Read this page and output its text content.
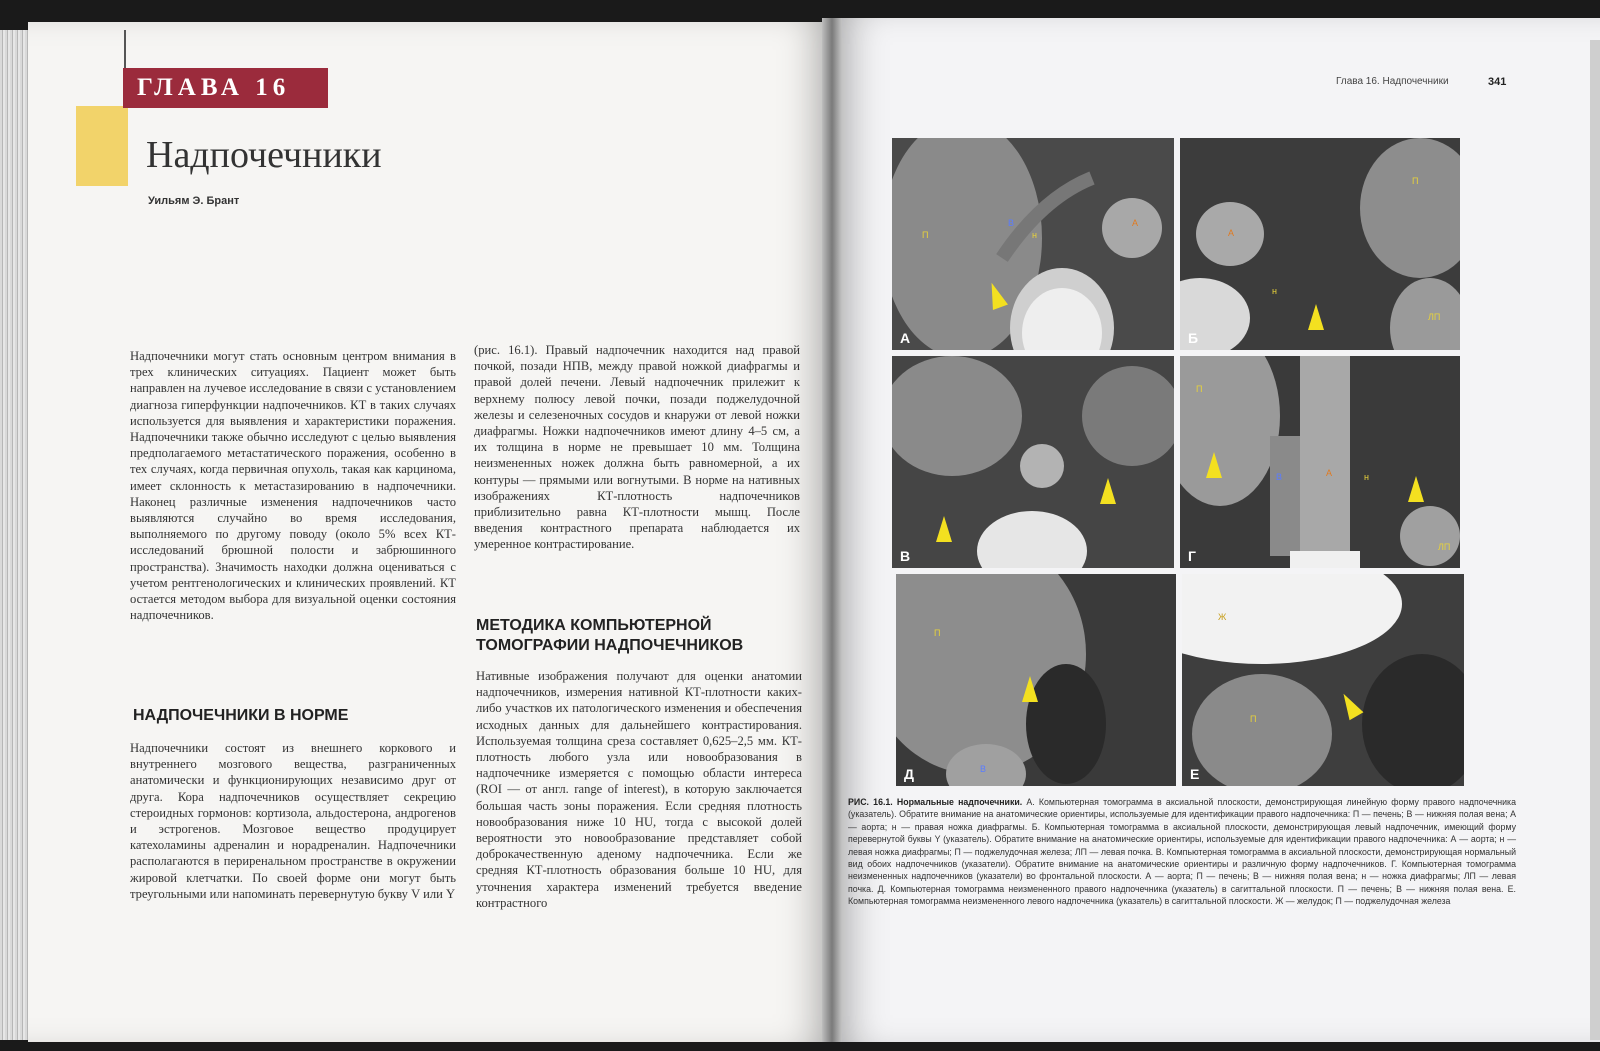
ГЛАВА 16
Надпочечники
Уильям Э. Брант

Надпочечники могут стать основным центром внимания в трех клинических ситуациях. Пациент может быть направлен на лучевое исследование в связи с установлением диагноза гиперфункции надпочечников. КТ в таких случаях используется для выявления и характеристики поражения. Надпочечники также обычно исследуют с целью выявления предполагаемого метастатического поражения, особенно в тех случаях, когда первичная опухоль, такая как карцинома, имеет склонность к метастазированию в надпочечники. Наконец различные изменения надпочечников часто выявляются случайно во время исследования, выполняемого по другому поводу (около 5% всех КТ-исследований брюшной полости и забрюшинного пространства). Значимость находки должна оцениваться с учетом рентгенологических и клинических проявлений. КТ остается методом выбора для визуальной оценки состояния надпочечников.

НАДПОЧЕЧНИКИ В НОРМЕ

Надпочечники состоят из внешнего коркового и внутреннего мозгового вещества, разграниченных анатомически и функционирующих независимо друг от друга. Кора надпочечников осуществляет секрецию стероидных гормонов: кортизола, альдостерона, андрогенов и эстрогенов. Мозговое вещество продуцирует катехоламины адреналин и норадреналин. Надпочечники располагаются в периренальном пространстве в окружении жировой клетчатки. По своей форме они могут быть треугольными или напоминать перевернутую букву V или Y

(рис. 16.1). Правый надпочечник находится над правой почкой, позади НПВ, между правой ножкой диафрагмы и правой долей печени. Левый надпочечник прилежит к верхнему полюсу левой почки, позади поджелудочной железы и селезеночных сосудов и кнаружи от левой ножки диафрагмы. Ножки надпочечников имеют длину 4–5 см, а их толщина в норме не превышает 10 мм. Толщина неизмененных ножек должна быть равномерной, а их контуры — прямыми или вогнутыми. В норме на нативных изображениях КТ-плотность надпочечников приблизительно равна КТ-плотности мышц. После введения контрастного препарата наблюдается их умеренное контрастирование.

МЕТОДИКА КОМПЬЮТЕРНОЙ ТОМОГРАФИИ НАДПОЧЕЧНИКОВ

Нативные изображения получают для оценки анатомии надпочечников, измерения нативной КТ-плотности каких-либо участков их патологического изменения и обеспечения исходных данных для дальнейшего контрастирования. Используемая толщина среза составляет 0,625–2,5 мм. КТ-плотность любого узла или новообразования в надпочечнике измеряется с помощью области интереса (ROI — от англ. range of interest), в которую заключается большая часть зоны поражения. Если средняя плотность новообразования ниже 10 HU, тогда с высокой долей вероятности это новообразование представляет собой доброкачественную аденому надпочечника. Если же средняя КТ-плотность образования больше 10 HU, для уточнения характера изменений требуется введение контрастного

Глава 16. Надпочечники	341
П
В
н
А
А
А
н
П
ЛП
Б
В
П
В	А	н
ЛП
Г
П
В
Д
Ж
П
Е
РИС. 16.1. Нормальные надпочечники. А. Компьютерная томограмма в аксиальной плоскости, демонстрирующая линейную форму правого надпочечника (указатель). Обратите внимание на анатомические ориентиры, используемые для идентификации правого надпочечника: П — печень; В — нижняя полая вена; А — аорта; н — правая ножка диафрагмы. Б. Компьютерная томограмма в аксиальной плоскости, демонстрирующая левый надпочечник, имеющий форму перевернутой буквы Y (указатель). Обратите внимание на анатомические ориентиры, используемые для идентификации правого надпочечника: А — аорта; н — левая ножка диафрагмы; П — поджелудочная железа; ЛП — левая почка. В. Компьютерная томограмма в аксиальной плоскости, демонстрирующая нормальный вид обоих надпочечников (указатели). Обратите внимание на анатомические ориентиры и различную форму надпочечников. Г. Компьютерная томограмма неизмененных надпочечников (указатели) во фронтальной плоскости. А — аорта; П — печень; В — нижняя полая вена; н — ножка диафрагмы; ЛП — левая почка. Д. Компьютерная томограмма неизмененного правого надпочечника (указатель) в сагиттальной плоскости. П — печень; В — нижняя полая вена. Е. Компьютерная томограмма неизмененного левого надпочечника (указатель) в сагиттальной плоскости. Ж — желудок; П — поджелудочная железа
